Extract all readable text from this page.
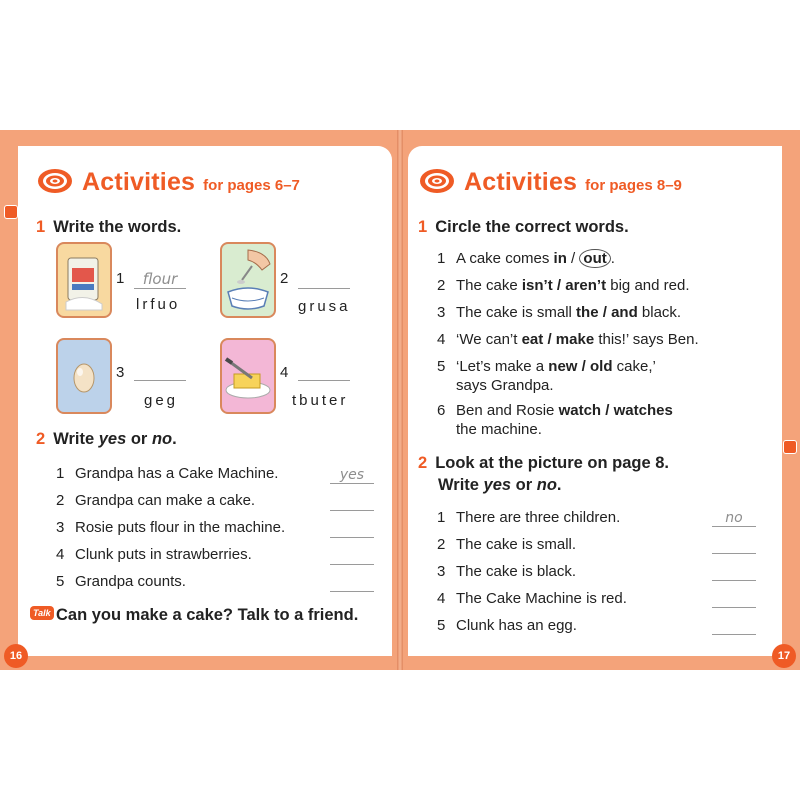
Activities for pages 6–7
1 Write the words.
1	flour
lrfuo
2
grusa
3
geg
4
tbuter
2 Write yes or no.
1 Grandpa has a Cake Machine.	yes
2 Grandpa can make a cake.
3 Rosie puts flour in the machine.
4 Clunk puts in strawberries.
5 Grandpa counts.
Talk Can you make a cake? Talk to a friend.
16
Activities for pages 8–9
1 Circle the correct words.
1 A cake comes in / out .
2 The cake isn’t / aren’t big and red.
3 The cake is small the / and black.
4 ‘We can’t eat / make this!’ says Ben.
5 ‘Let’s make a new / old cake,’
says Grandpa.
6 Ben and Rosie watch / watches
the machine.
2 Look at the picture on page 8.
Write yes or no.
1 There are three children.	no
2 The cake is small.
3 The cake is black.
4 The Cake Machine is red.
5 Clunk has an egg.
17
